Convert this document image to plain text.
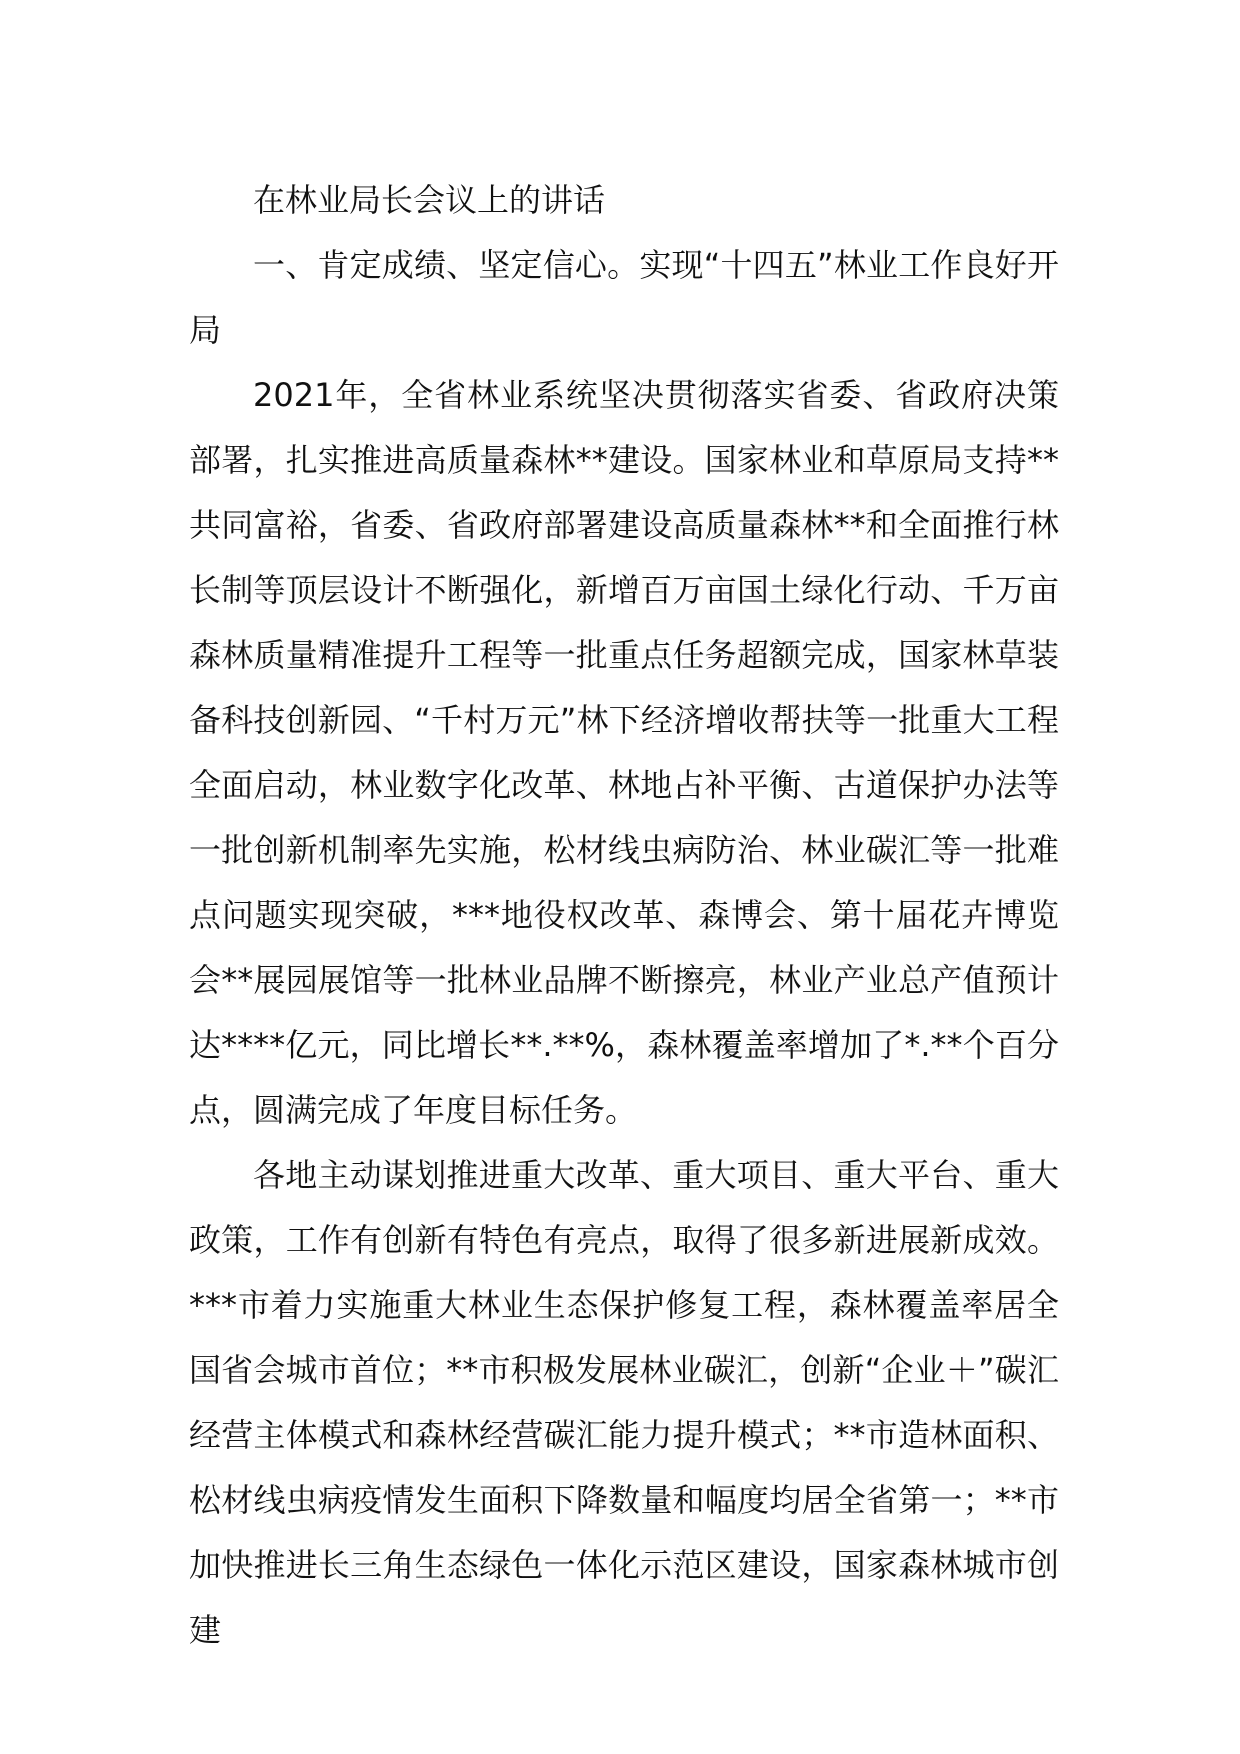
在林业局长会议上的讲话

一、肯定成绩、坚定信心。实现“十四五”林业工作良好开局

2021年，全省林业系统坚决贯彻落实省委、省政府决策部署，扎实推进高质量森林**建设。国家林业和草原局支持**共同富裕，省委、省政府部署建设高质量森林**和全面推行林长制等顶层设计不断强化，新增百万亩国土绿化行动、千万亩森林质量精准提升工程等一批重点任务超额完成，国家林草装备科技创新园、“千村万元”林下经济增收帮扶等一批重大工程全面启动，林业数字化改革、林地占补平衡、古道保护办法等一批创新机制率先实施，松材线虫病防治、林业碳汇等一批难点问题实现突破，***地役权改革、森博会、第十届花卉博览会**展园展馆等一批林业品牌不断擦亮，林业产业总产值预计达****亿元，同比增长**.**%，森林覆盖率增加了*.**个百分点，圆满完成了年度目标任务。

各地主动谋划推进重大改革、重大项目、重大平台、重大政策，工作有创新有特色有亮点，取得了很多新进展新成效。***市着力实施重大林业生态保护修复工程，森林覆盖率居全国省会城市首位；**市积极发展林业碳汇，创新“企业＋”碳汇经营主体模式和森林经营碳汇能力提升模式；**市造林面积、松材线虫病疫情发生面积下降数量和幅度均居全省第一；**市加快推进长三角生态绿色一体化示范区建设，国家森林城市创建
